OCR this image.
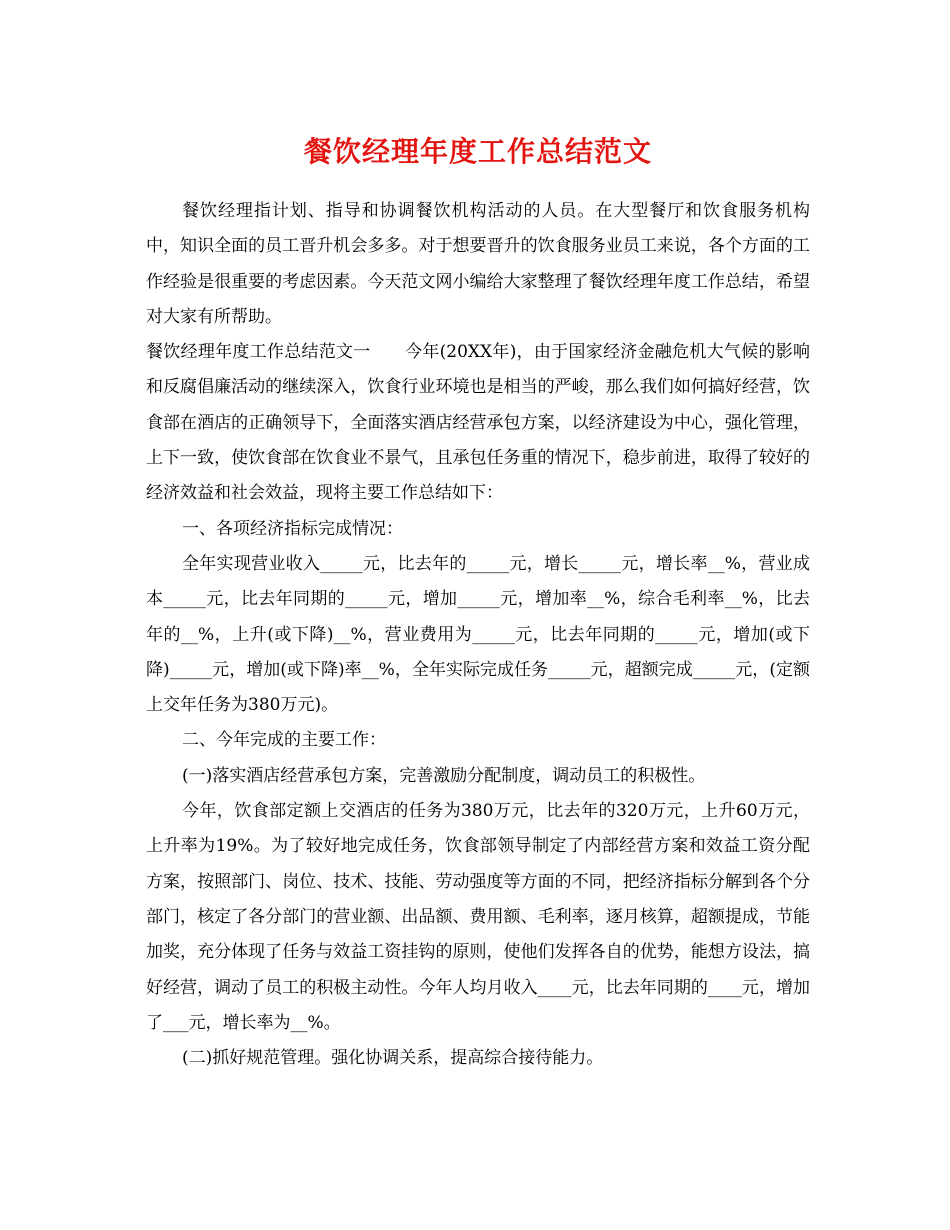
餐饮经理年度工作总结范文

餐饮经理指计划、指导和协调餐饮机构活动的人员。在大型餐厅和饮食服务机构中，知识全面的员工晋升机会多多。对于想要晋升的饮食服务业员工来说，各个方面的工作经验是很重要的考虑因素。今天范文网小编给大家整理了餐饮经理年度工作总结，希望对大家有所帮助。

餐饮经理年度工作总结范文一　　今年(20XX年)，由于国家经济金融危机大气候的影响和反腐倡廉活动的继续深入，饮食行业环境也是相当的严峻，那么我们如何搞好经营，饮食部在酒店的正确领导下，全面落实酒店经营承包方案，以经济建设为中心，强化管理，上下一致，使饮食部在饮食业不景气，且承包任务重的情况下，稳步前进，取得了较好的经济效益和社会效益，现将主要工作总结如下：

一、各项经济指标完成情况：

全年实现营业收入_____元，比去年的_____元，增长_____元，增长率__%，营业成本_____元，比去年同期的_____元，增加_____元，增加率__%，综合毛利率__%，比去年的__%，上升(或下降)__%，营业费用为_____元，比去年同期的_____元，增加(或下降)_____元，增加(或下降)率__%，全年实际完成任务_____元，超额完成_____元，(定额上交年任务为380万元)。

二、今年完成的主要工作：

(一)落实酒店经营承包方案，完善激励分配制度，调动员工的积极性。

今年，饮食部定额上交酒店的任务为380万元，比去年的320万元，上升60万元，上升率为19%。为了较好地完成任务，饮食部领导制定了内部经营方案和效益工资分配方案，按照部门、岗位、技术、技能、劳动强度等方面的不同，把经济指标分解到各个分部门，核定了各分部门的营业额、出品额、费用额、毛利率，逐月核算，超额提成，节能加奖，充分体现了任务与效益工资挂钩的原则，使他们发挥各自的优势，能想方设法，搞好经营，调动了员工的积极主动性。今年人均月收入____元，比去年同期的____元，增加了___元，增长率为__%。

(二)抓好规范管理。强化协调关系，提高综合接待能力。
